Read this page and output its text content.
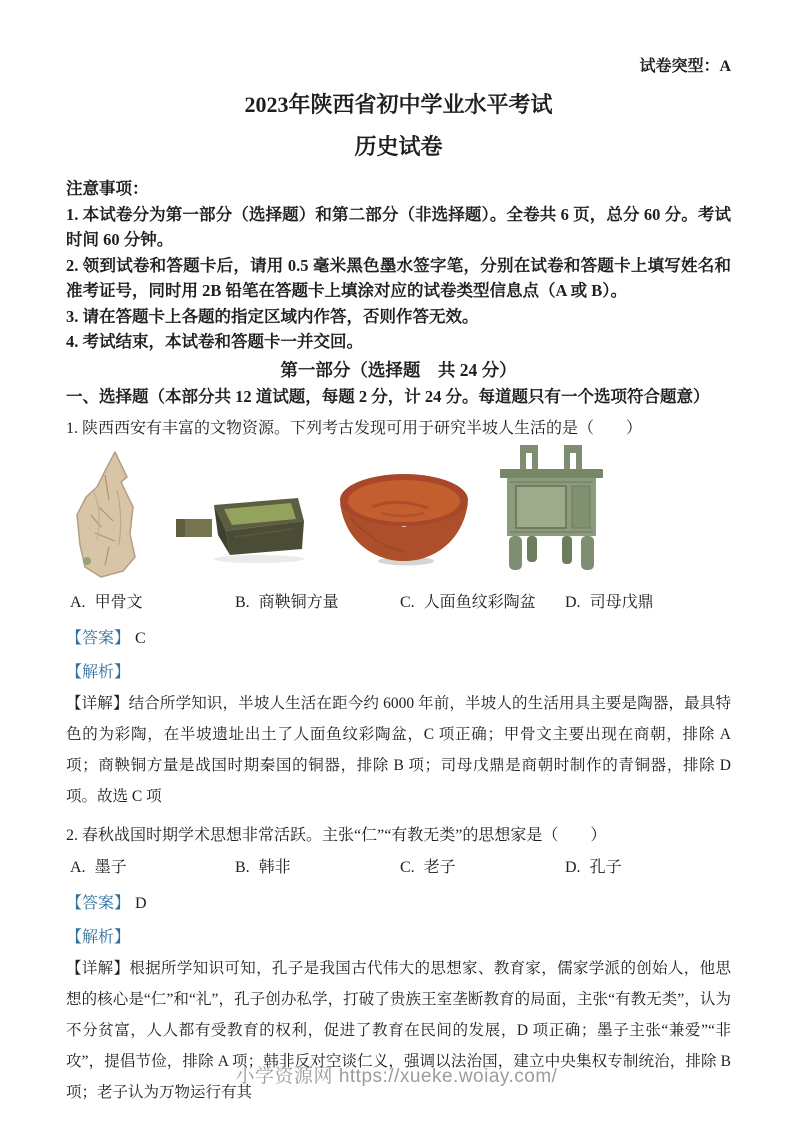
试卷突型：A
2023年陕西省初中学业水平考试
历史试卷

注意事项：

1. 本试卷分为第一部分（选择题）和第二部分（非选择题）。全卷共 6 页，总分 60 分。考试时间 60 分钟。

2. 领到试卷和答题卡后，请用 0.5 毫米黑色墨水签字笔，分别在试卷和答题卡上填写姓名和准考证号，同时用 2B 铅笔在答题卡上填涂对应的试卷类型信息点（A 或 B）。

3. 请在答题卡上各题的指定区域内作答，否则作答无效。

4. 考试结束，本试卷和答题卡一并交回。

第一部分（选择题　共 24 分）

一、选择题（本部分共 12 道试题，每题 2 分，计 24 分。每道题只有一个选项符合题意）

1. 陕西西安有丰富的文物资源。下列考古发现可用于研究半坡人生活的是（　　）

A. 甲骨文	B. 商鞅铜方量	C. 人面鱼纹彩陶盆	D. 司母戊鼎

【答案】 C

【解析】

【详解】结合所学知识，半坡人生活在距今约 6000 年前，半坡人的生活用具主要是陶器，最具特色的为彩陶，在半坡遗址出土了人面鱼纹彩陶盆，C 项正确；甲骨文主要出现在商朝，排除 A 项；商鞅铜方量是战国时期秦国的铜器，排除 B 项；司母戊鼎是商朝时制作的青铜器，排除 D 项。故选 C 项

2. 春秋战国时期学术思想非常活跃。主张“仁”“有教无类”的思想家是（　　）

A. 墨子	B. 韩非	C. 老子	D. 孔子

【答案】 D

【解析】

【详解】根据所学知识可知，孔子是我国古代伟大的思想家、教育家，儒家学派的创始人，他思想的核心是“仁”和“礼”，孔子创办私学，打破了贵族王室垄断教育的局面，主张“有教无类”，认为不分贫富，人人都有受教育的权利，促进了教育在民间的发展，D 项正确；墨子主张“兼爱”“非攻”，提倡节俭，排除 A 项；韩非反对空谈仁义，强调以法治国，建立中央集权专制统治，排除 B 项；老子认为万物运行有其

小学资源网 https://xueke.woiay.com/
